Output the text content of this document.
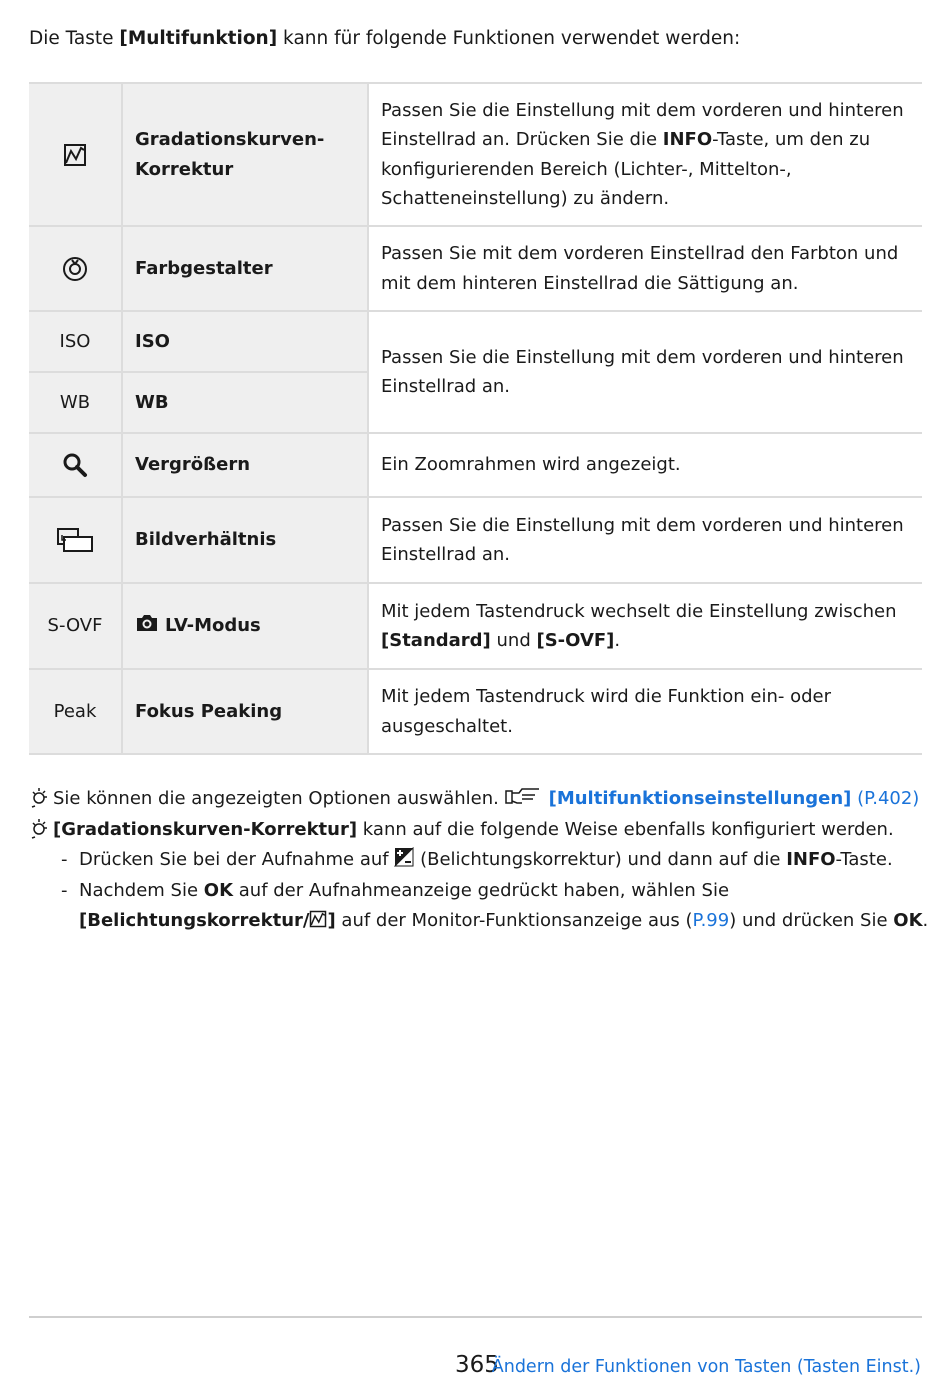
Die Taste [Multifunktion] kann für folgende Funktionen verwendet werden:
	Gradationskurven-Korrektur	Passen Sie die Einstellung mit dem vorderen und hinteren Einstellrad an. Drücken Sie die INFO-Taste, um den zu konfigurierenden Bereich (Lichter-, Mittelton-, Schatteneinstellung) zu ändern.
	Farbgestalter	Passen Sie mit dem vorderen Einstellrad den Farbton und mit dem hinteren Einstellrad die Sättigung an.
ISO	ISO	Passen Sie die Einstellung mit dem vorderen und hinteren Einstellrad an.
WB	WB	
	Vergrößern	Ein Zoomrahmen wird angezeigt.
	Bildverhältnis	Passen Sie die Einstellung mit dem vorderen und hinteren Einstellrad an.
S-OVF	LV-Modus	Mit jedem Tastendruck wechselt die Einstellung zwischen [Standard] und [S-OVF].
Peak	Fokus Peaking	Mit jedem Tastendruck wird die Funktion ein- oder ausgeschaltet.
Sie können die angezeigten Optionen auswählen. [Multifunktionseinstellungen] (P.402)
[Gradationskurven-Korrektur] kann auf die folgende Weise ebenfalls konfiguriert werden.
- Drücken Sie bei der Aufnahme auf  (Belichtungskorrektur) und dann auf die INFO-Taste.
- Nachdem Sie OK auf der Aufnahmeanzeige gedrückt haben, wählen Sie
[Belichtungskorrektur/ ] auf der Monitor-Funktionsanzeige aus (P.99) und drücken Sie OK.
365
Ändern der Funktionen von Tasten (Tasten Einst.)
